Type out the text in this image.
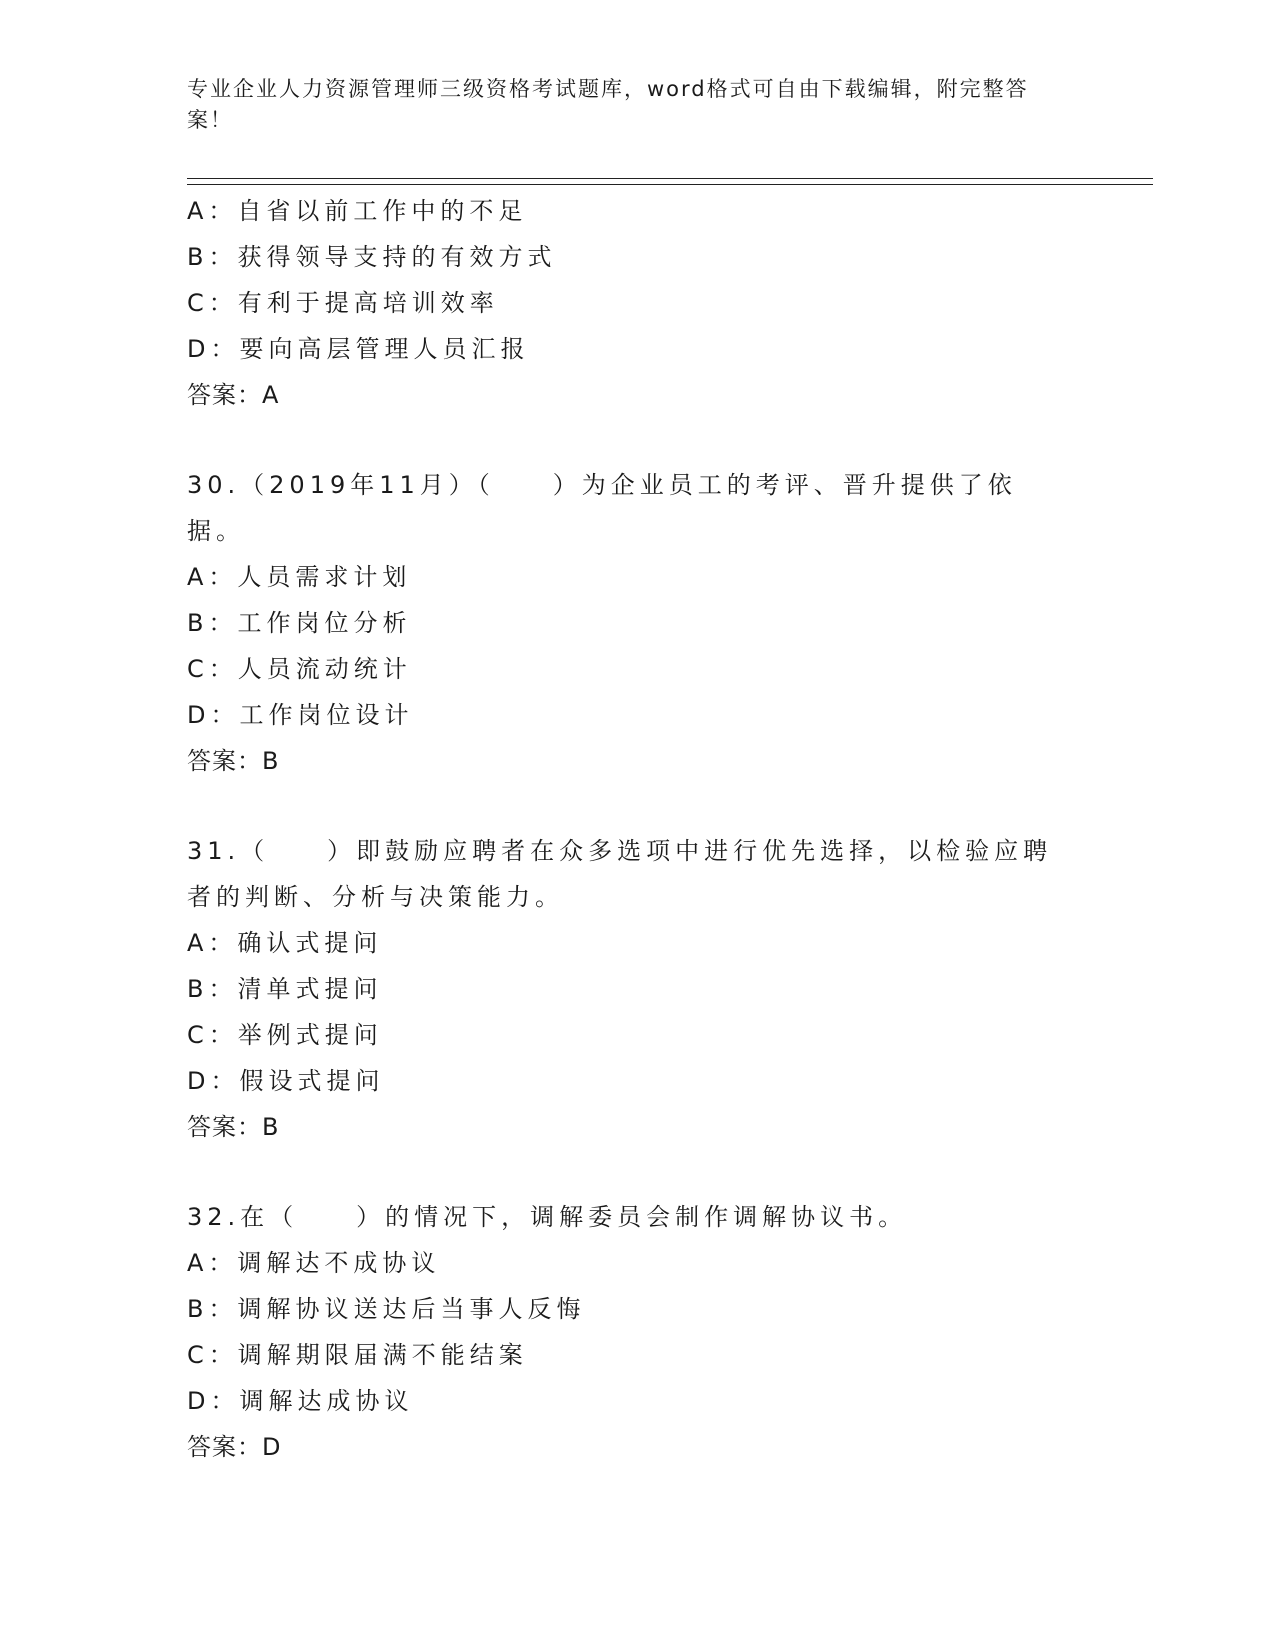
专业企业人力资源管理师三级资格考试题库，word格式可自由下载编辑，附完整答案！
A：自省以前工作中的不足
B：获得领导支持的有效方式
C：有利于提高培训效率
D：要向高层管理人员汇报
答案：A
30.（2019年11月）（　　）为企业员工的考评、晋升提供了依据。
A：人员需求计划
B：工作岗位分析
C：人员流动统计
D：工作岗位设计
答案：B
31.（　　）即鼓励应聘者在众多选项中进行优先选择，以检验应聘者的判断、分析与决策能力。
A：确认式提问
B：清单式提问
C：举例式提问
D：假设式提问
答案：B
32.在（　　）的情况下，调解委员会制作调解协议书。
A：调解达不成协议
B：调解协议送达后当事人反悔
C：调解期限届满不能结案
D：调解达成协议
答案：D
